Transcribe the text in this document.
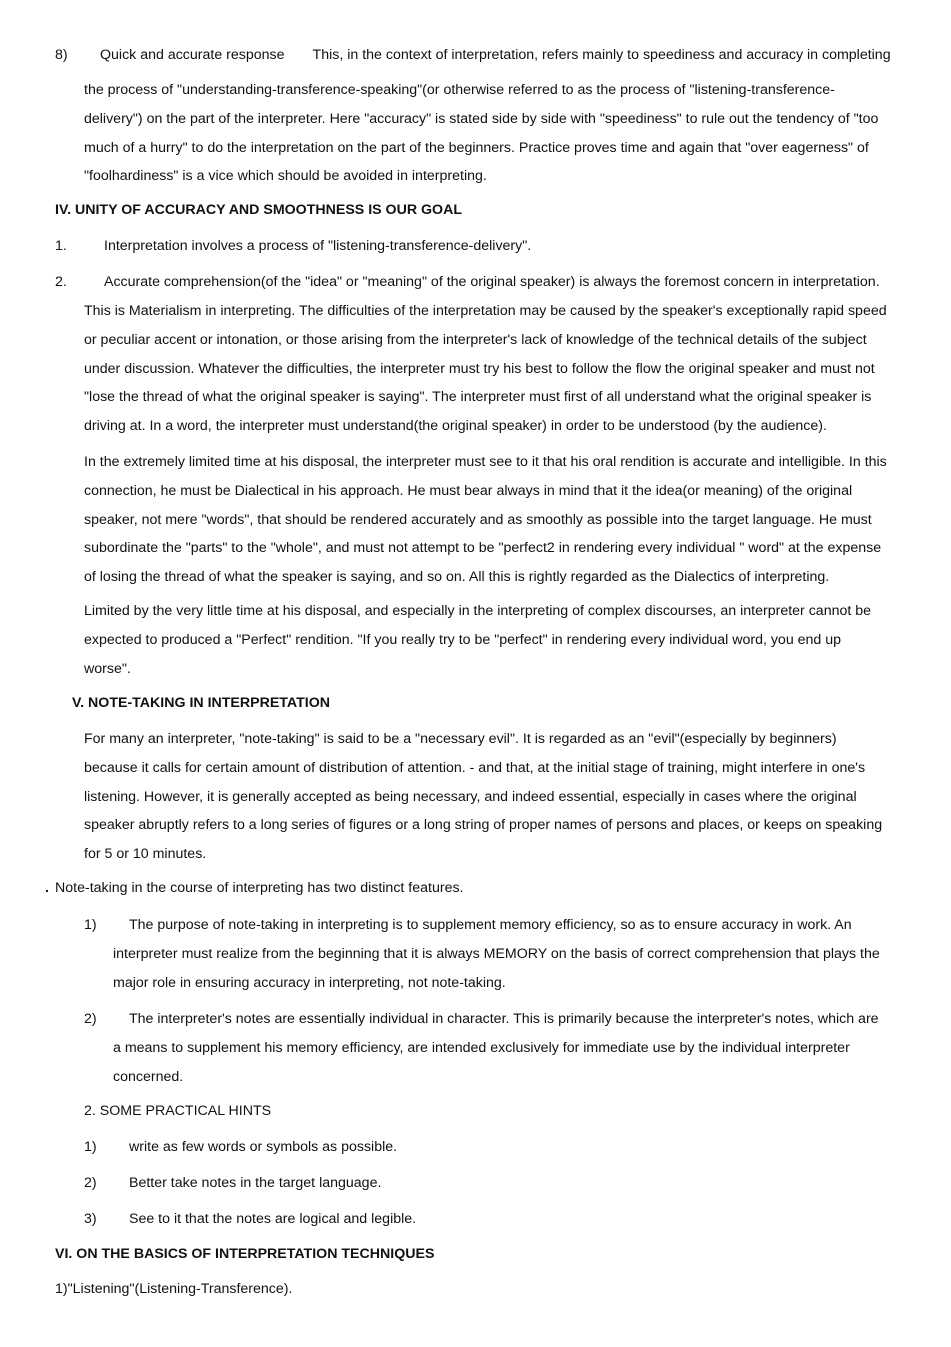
8) Quick and accurate response This, in the context of interpretation, refers mainly to speediness and accuracy in completing
the process of "understanding-transference-speaking"(or otherwise referred to as the process of "listening-transference-
delivery") on the part of the interpreter. Here "accuracy" is stated side by side with "speediness" to rule out the tendency of "too
much of a hurry" to do the interpretation on the part of the beginners. Practice proves time and again that "over eagerness" of
"foolhardiness" is a vice which should be avoided in interpreting.
IV. UNITY OF ACCURACY AND SMOOTHNESS IS OUR GOAL
1.	Interpretation involves a process of "listening-transference-delivery".
2.	Accurate comprehension(of the "idea" or "meaning" of the original speaker) is always the foremost concern in interpretation.
This is Materialism in interpreting. The difficulties of the interpretation may be caused by the speaker's exceptionally rapid speed
or peculiar accent or intonation, or those arising from the interpreter's lack of knowledge of the technical details of the subject
under discussion. Whatever the difficulties, the interpreter must try his best to follow the flow the original speaker and must not
"lose the thread of what the original speaker is saying". The interpreter must first of all understand what the original speaker is
driving at. In a word, the interpreter must understand(the original speaker) in order to be understood (by the audience).
In the extremely limited time at his disposal, the interpreter must see to it that his oral rendition is accurate and intelligible. In this
connection, he must be Dialectical in his approach. He must bear always in mind that it the idea(or meaning) of the original
speaker, not mere "words", that should be rendered accurately and as smoothly as possible into the target language. He must
subordinate the "parts" to the "whole", and must not attempt to be "perfect2 in rendering every individual " word" at the expense
of losing the thread of what the speaker is saying, and so on. All this is rightly regarded as the Dialectics of interpreting.
Limited by the very little time at his disposal, and especially in the interpreting of complex discourses, an interpreter cannot be
expected to produced a "Perfect" rendition. "If you really try to be "perfect" in rendering every individual word, you end up
worse".
V. NOTE-TAKING IN INTERPRETATION
For many an interpreter, "note-taking" is said to be a "necessary evil". It is regarded as an "evil"(especially by beginners)
because it calls for certain amount of distribution of attention. - and that, at the initial stage of training, might interfere in one's
listening. However, it is generally accepted as being necessary, and indeed essential, especially in cases where the original
speaker abruptly refers to a long series of figures or a long string of proper names of persons and places, or keeps on speaking
for 5 or 10 minutes.
. Note-taking in the course of interpreting has two distinct features.
1) The purpose of note-taking in interpreting is to supplement memory efficiency, so as to ensure accuracy in work. An
interpreter must realize from the beginning that it is always MEMORY on the basis of correct comprehension that plays the
major role in ensuring accuracy in interpreting, not note-taking.
2) The interpreter's notes are essentially individual in character. This is primarily because the interpreter's notes, which are
a means to supplement his memory efficiency, are intended exclusively for immediate use by the individual interpreter
concerned.
2. SOME PRACTICAL HINTS
1) write as few words or symbols as possible.
2) Better take notes in the target language.
3) See to it that the notes are logical and legible.
VI. ON THE BASICS OF INTERPRETATION TECHNIQUES
1)"Listening"(Listening-Transference).
